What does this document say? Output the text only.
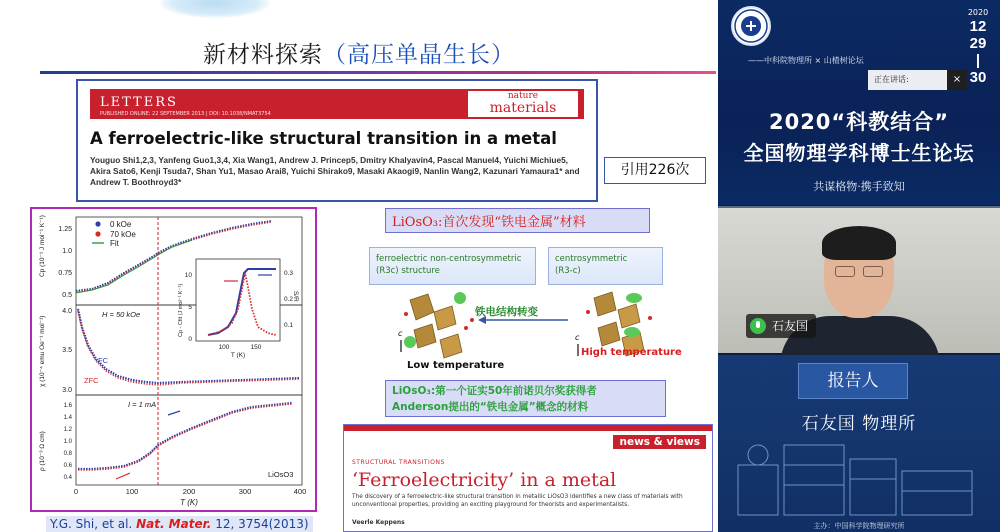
新材料探索（高压单晶生长）
LETTERS
PUBLISHED ONLINE: 22 SEPTEMBER 2013 | DOI: 10.1038/NMAT3754
nature
materials
A ferroelectric-like structural transition in a metal
Youguo Shi1,2,3, Yanfeng Guo1,3,4, Xia Wang1, Andrew J. Princep5, Dmitry Khalyavin4, Pascal Manuel4, Yuichi Michiue5, Akira Sato6, Kenji Tsuda7, Shan Yu1, Masao Arai8, Yuichi Shirako9, Masaki Akaogi9, Nanlin Wang2, Kazunari Yamaura1* and Andrew T. Boothroyd3*
引用226次
0 kOe
70 kOe
Fit
0.5
0.75
1.0
1.25
Cp (10⁻¹ J mol⁻¹ K⁻¹)
0
5
10
0.1
0.2
0.3
100	150
T (K)
S/R
Cp - Cfit (J mol⁻¹ K⁻¹)
H = 50 kOe
FC
ZFC
3.0
3.5
4.0
χ (10⁻⁴ emu Oe⁻¹ mol⁻¹)
I = 1 mA
LiOsO3
0.4
0.6
0.8
1.0
1.2
1.4
1.6
ρ (10⁻³ Ω cm)
0	100	200	300	400
T (K)
LiOsO₃:首次发现“铁电金属”材料
ferroelectric non-centrosymmetric
(R3c) structure
centrosymmetric
(R3-c)
c	c
铁电结构转变
Low temperature
High temperature
LiOsO₃:第一个证实50年前诺贝尔奖获得者
Anderson提出的“铁电金属”概念的材料
news & views
STRUCTURAL TRANSITIONS
‘Ferroelectricity’ in a metal
The discovery of a ferroelectric-like structural transition in metallic LiOsO3 identifies a new class of materials with unconventional properties, providing an exciting playground for theorists and experimentalists.
Veerle Keppens
Y.G. Shi, et al. Nat. Mater. 12, 3754(2013)
2020
12
29
|
30
——中科院物理所 × 山楂树论坛
正在讲话:	×
2020“科教结合”
全国物理学科博士生论坛
共谋格物·携手致知
石友国
报告人
石友国 物理所
主办：中国科学院物理研究所
